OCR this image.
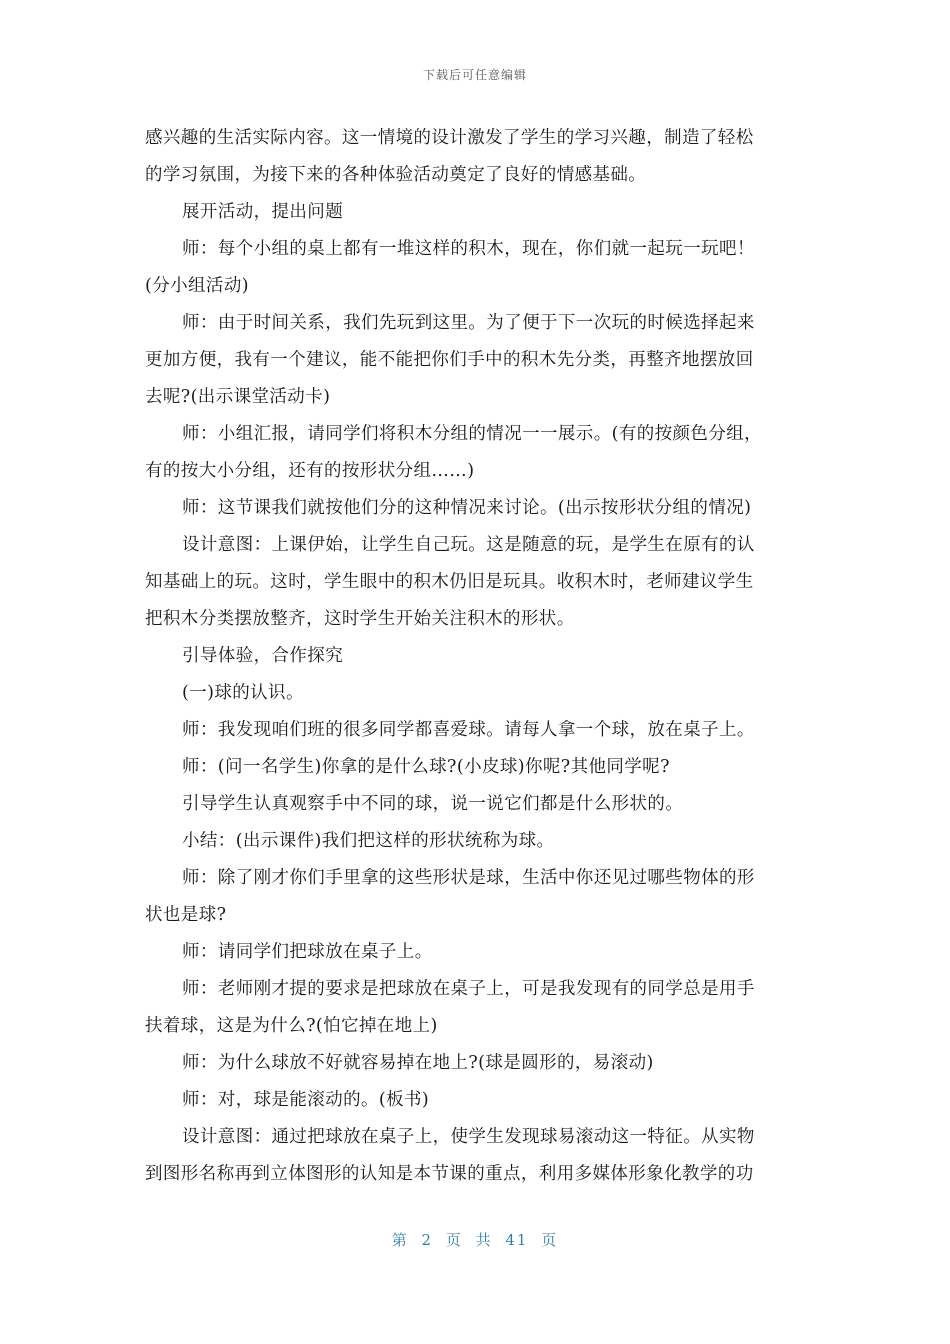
下载后可任意编辑
感兴趣的生活实际内容。这一情境的设计激发了学生的学习兴趣，制造了轻松
的学习氛围，为接下来的各种体验活动奠定了良好的情感基础。
展开活动，提出问题
师：每个小组的桌上都有一堆这样的积木，现在，你们就一起玩一玩吧！
(分小组活动)
师：由于时间关系，我们先玩到这里。为了便于下一次玩的时候选择起来
更加方便，我有一个建议，能不能把你们手中的积木先分类，再整齐地摆放回
去呢?(出示课堂活动卡)
师：小组汇报，请同学们将积木分组的情况一一展示。(有的按颜色分组，
有的按大小分组，还有的按形状分组……)
师：这节课我们就按他们分的这种情况来讨论。(出示按形状分组的情况)
设计意图：上课伊始，让学生自己玩。这是随意的玩，是学生在原有的认
知基础上的玩。这时，学生眼中的积木仍旧是玩具。收积木时，老师建议学生
把积木分类摆放整齐，这时学生开始关注积木的形状。
引导体验，合作探究
(一)球的认识。
师：我发现咱们班的很多同学都喜爱球。请每人拿一个球，放在桌子上。
师：(问一名学生)你拿的是什么球?(小皮球)你呢?其他同学呢?
引导学生认真观察手中不同的球，说一说它们都是什么形状的。
小结：(出示课件)我们把这样的形状统称为球。
师：除了刚才你们手里拿的这些形状是球，生活中你还见过哪些物体的形
状也是球?
师：请同学们把球放在桌子上。
师：老师刚才提的要求是把球放在桌子上，可是我发现有的同学总是用手
扶着球，这是为什么?(怕它掉在地上)
师：为什么球放不好就容易掉在地上?(球是圆形的，易滚动)
师：对，球是能滚动的。(板书)
设计意图：通过把球放在桌子上，使学生发现球易滚动这一特征。从实物
到图形名称再到立体图形的认知是本节课的重点，利用多媒体形象化教学的功
第 2 页 共 41 页
